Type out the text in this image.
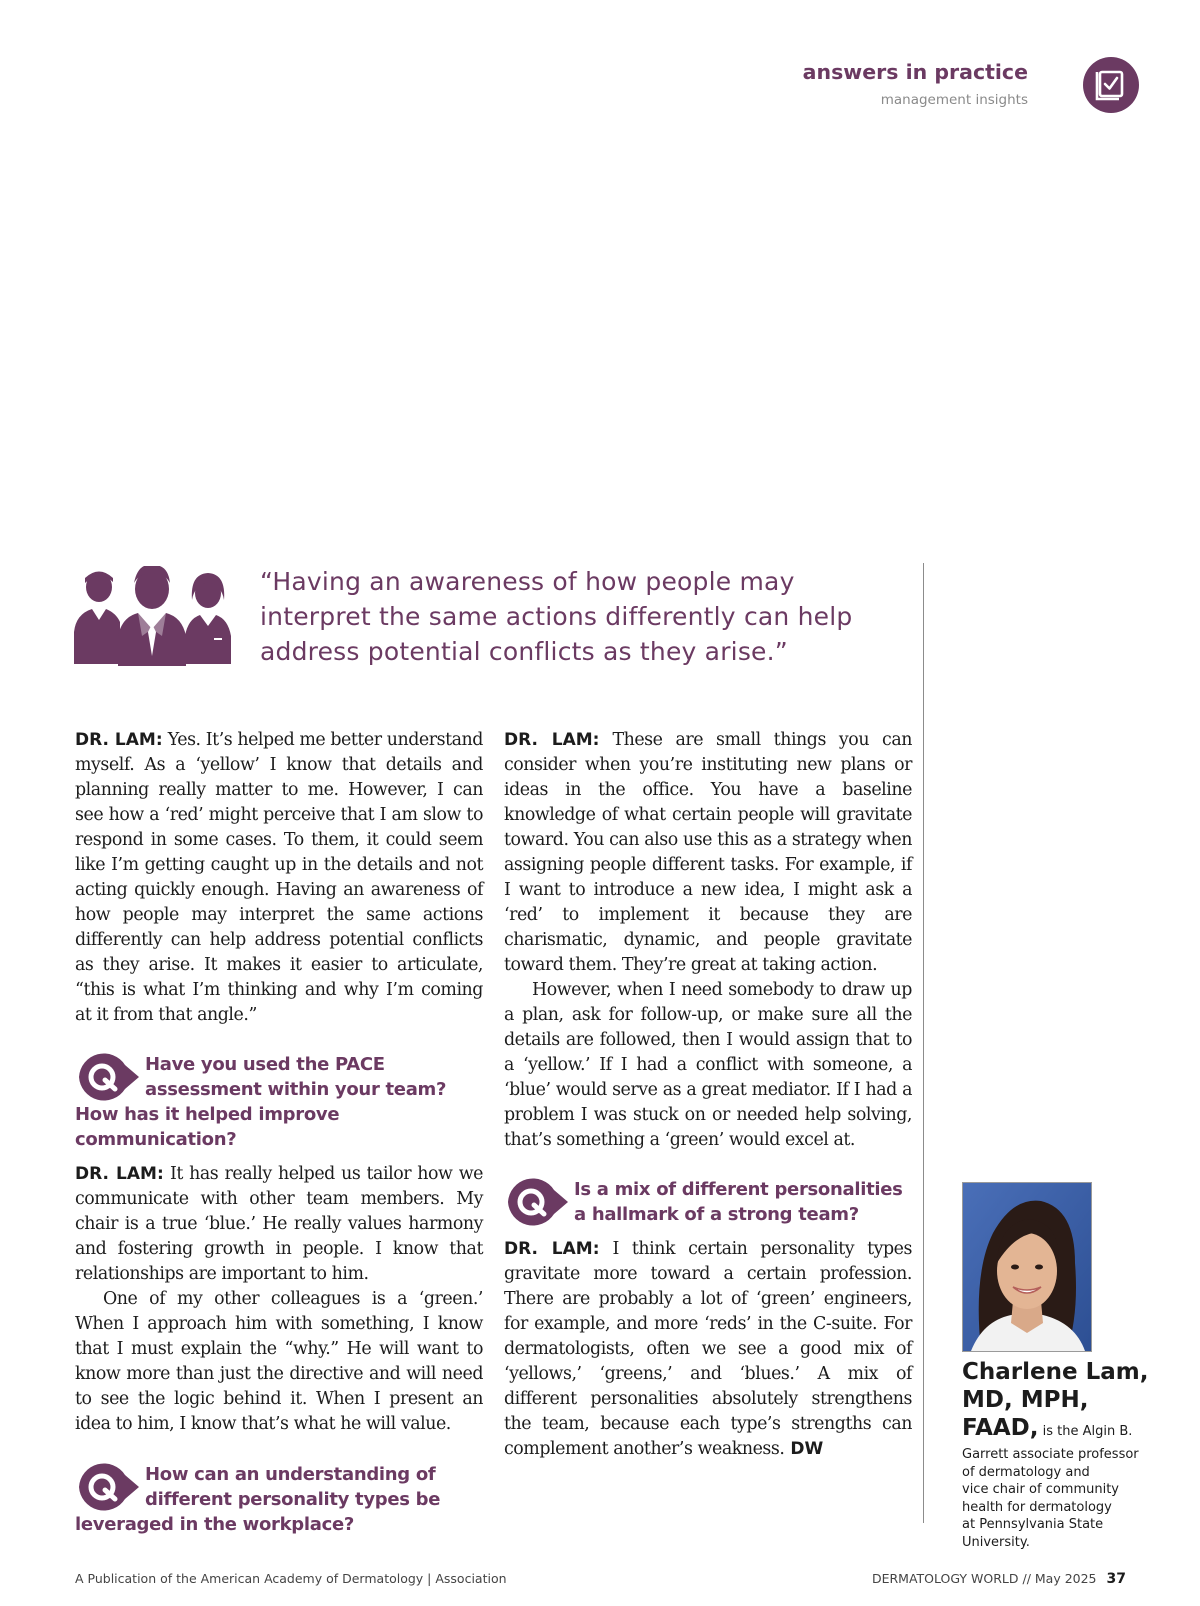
answers in practice
management insights
“Having an awareness of how people may interpret the same actions differently can help address potential conflicts as they arise.”

DR. LAM: Yes. It’s helped me better understand myself. As a ‘yellow’ I know that details and planning really matter to me. However, I can see how a ‘red’ might perceive that I am slow to respond in some cases. To them, it could seem like I’m getting caught up in the details and not acting quickly enough. Having an awareness of how people may interpret the same actions differently can help address potential conflicts as they arise. It makes it easier to articulate, “this is what I’m thinking and why I’m coming at it from that angle.”

Have you used the PACE assessment within your team? How has it helped improve communication?

DR. LAM: It has really helped us tailor how we communicate with other team members. My chair is a true ‘blue.’ He really values harmony and fostering growth in people. I know that relationships are important to him.

One of my other colleagues is a ‘green.’ When I approach him with something, I know that I must explain the “why.” He will want to know more than just the directive and will need to see the logic behind it. When I present an idea to him, I know that’s what he will value.

How can an understanding of different personality types be leveraged in the workplace?

DR. LAM: These are small things you can consider when you’re instituting new plans or ideas in the office. You have a baseline knowledge of what certain people will gravitate toward. You can also use this as a strategy when assigning people different tasks. For example, if I want to introduce a new idea, I might ask a ‘red’ to implement it because they are charismatic, dynamic, and people gravitate toward them. They’re great at taking action.

However, when I need somebody to draw up a plan, ask for follow-up, or make sure all the details are followed, then I would assign that to a ‘yellow.’ If I had a conflict with someone, a ‘blue’ would serve as a great mediator. If I had a problem I was stuck on or needed help solving, that’s something a ‘green’ would excel at.

Is a mix of different personalities a hallmark of a strong team?

DR. LAM: I think certain personality types gravitate more toward a certain profession. There are probably a lot of ‘green’ engineers, for example, and more ‘reds’ in the C-suite. For dermatologists, often we see a good mix of ‘yellows,’ ‘greens,’ and ‘blues.’ A mix of different personalities absolutely strengthens the team, because each type’s strengths can complement another’s weakness. DW

Charlene Lam, MD, MPH,
FAAD, is the Algin B.
Garrett associate professor
of dermatology and
vice chair of community
health for dermatology
at Pennsylvania State
University.
A Publication of the American Academy of Dermatology | Association	DERMATOLOGY WORLD // May 2025 37
